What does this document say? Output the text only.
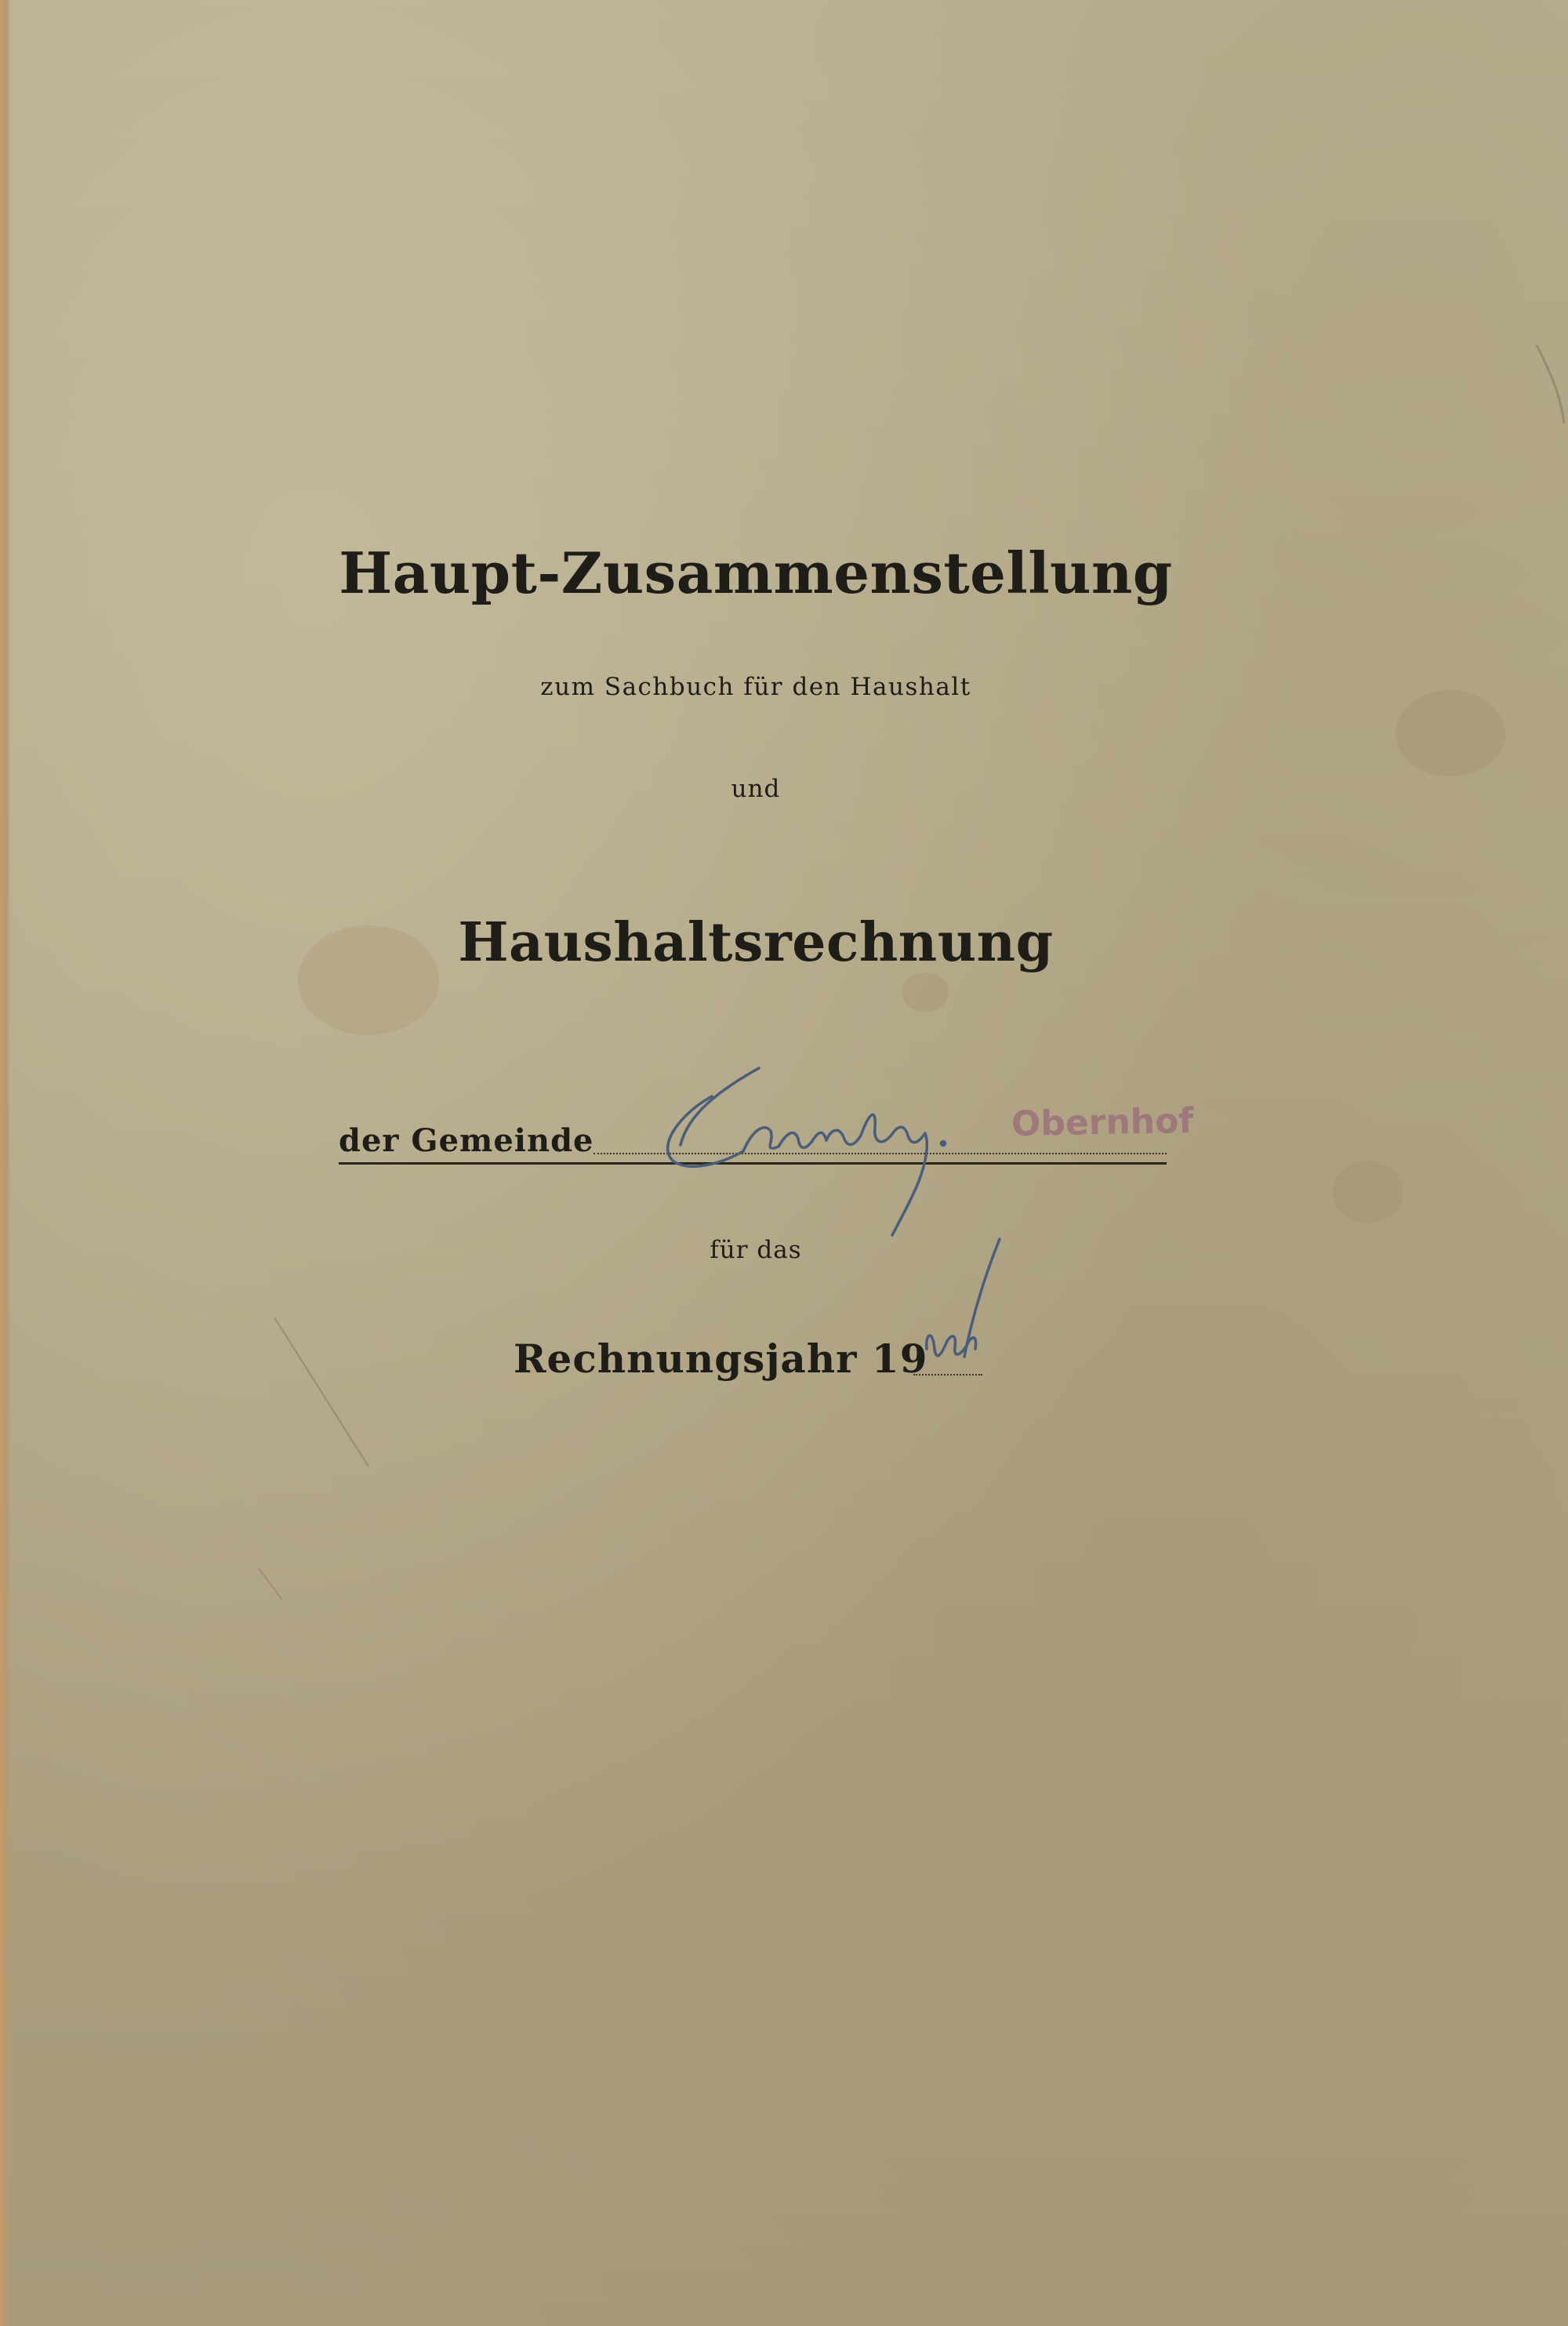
Haupt-Zusammenstellung
zum Sachbuch für den Haushalt
und
Haushaltsrechnung
der Gemeinde	Obernhof
für das
Rechnungsjahr 19
